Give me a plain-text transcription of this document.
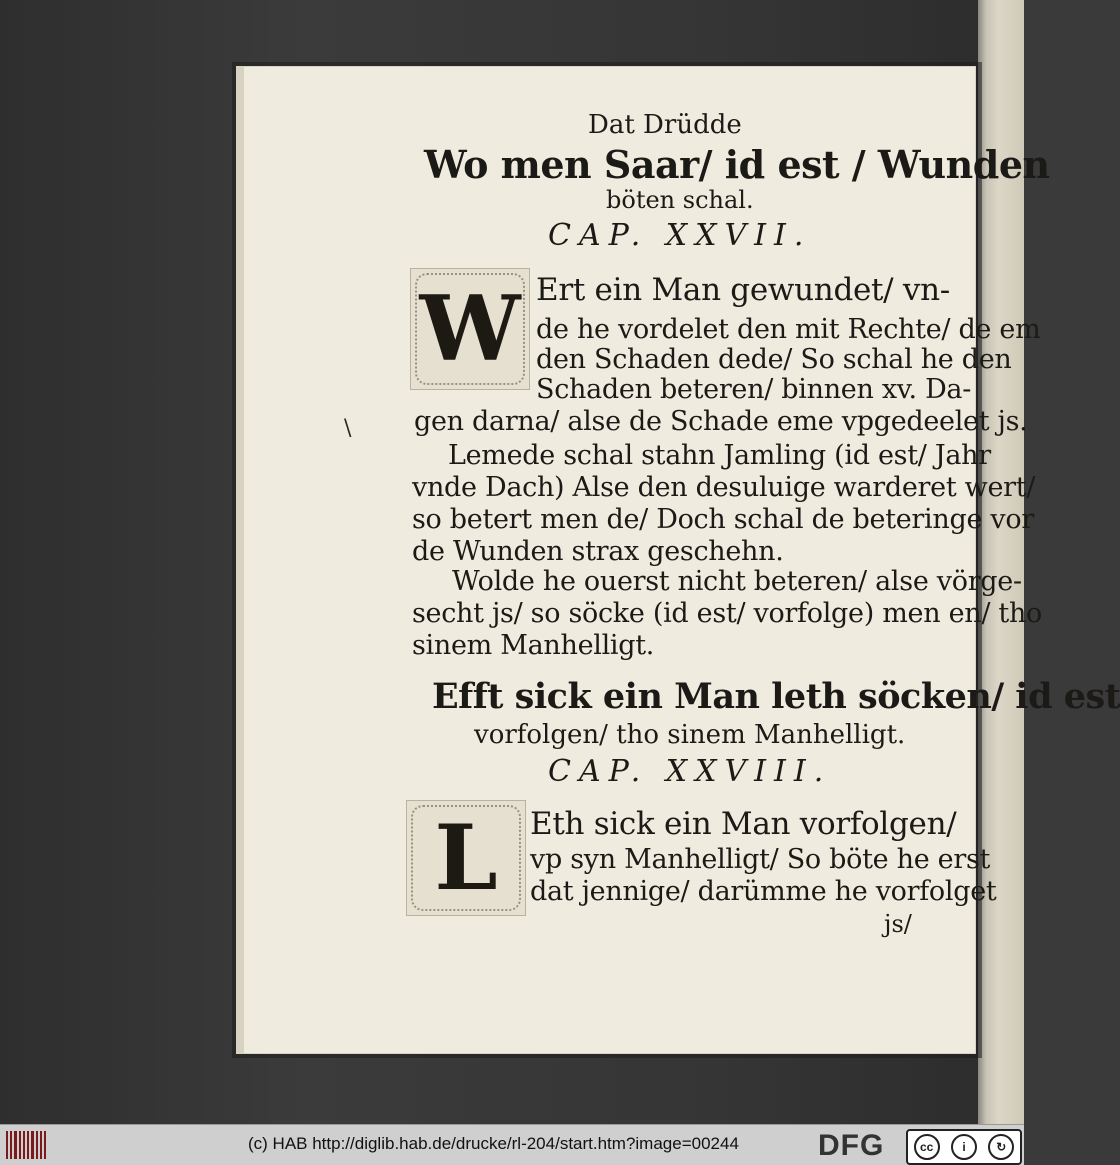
Dat Drüdde
Wo men Saar/ id est / Wunden
böten schal.
CAP. XXVII.
W Ert ein Man gewundet/ vn-
de he vordelet den mit Rechte/ de em
den Schaden dede/ So schal he den
Schaden beteren/ binnen xv. Da-
gen darna/ alse de Schade eme vpgedeelet js.
Lemede schal stahn Jamling (id est/ Jahr
vnde Dach) Alse den desuluige warderet wert/
so betert men de/ Doch schal de beteringe vor
de Wunden strax geschehn.
Wolde he ouerst nicht beteren/ alse vörge-
secht js/ so söcke (id est/ vorfolge) men en/ tho
sinem Manhelligt.
Efft sick ein Man leth söcken/ id est
vorfolgen/ tho sinem Manhelligt.
CAP. XXVIII.
L	Eth sick ein Man vorfolgen/
vp syn Manhelligt/ So böte he erst
dat jennige/ darümme he vorfolget
js/
\
(c) HAB http://diglib.hab.de/drucke/rl-204/start.htm?image=00244	DFG	cc	i	↻
